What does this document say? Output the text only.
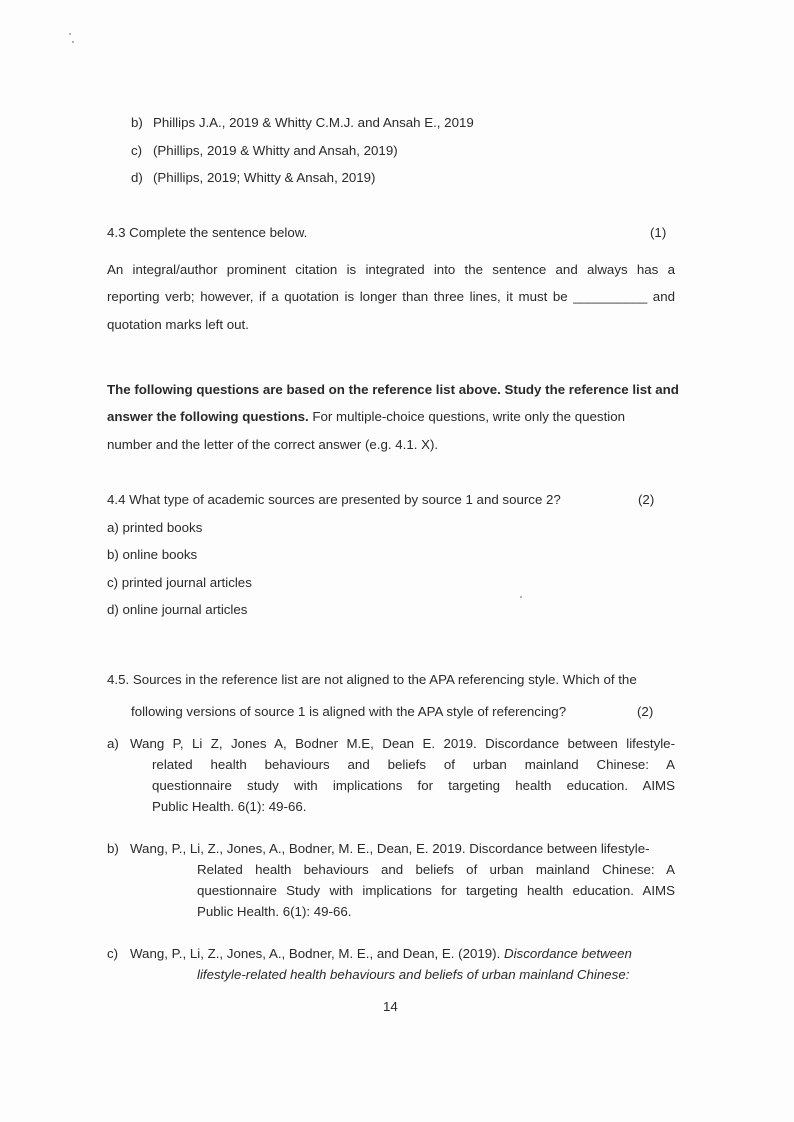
b) Phillips J.A., 2019 & Whitty C.M.J. and Ansah E., 2019
c) (Phillips, 2019 & Whitty and Ansah, 2019)
d) (Phillips, 2019; Whitty & Ansah, 2019)
4.3 Complete the sentence below.	(1)
An integral/author prominent citation is integrated into the sentence and always has a
reporting verb; however, if a quotation is longer than three lines, it must be __________ and
quotation marks left out.
The following questions are based on the reference list above. Study the reference list and
answer the following questions. For multiple-choice questions, write only the question
number and the letter of the correct answer (e.g. 4.1. X).
4.4 What type of academic sources are presented by source 1 and source 2?	(2)
a) printed books
b) online books
c) printed journal articles
d) online journal articles
4.5. Sources in the reference list are not aligned to the APA referencing style. Which of the
following versions of source 1 is aligned with the APA style of referencing?	(2)
a) Wang P, Li Z, Jones A, Bodner M.E, Dean E. 2019. Discordance between lifestyle-
related health behaviours and beliefs of urban mainland Chinese: A
questionnaire study with implications for targeting health education. AIMS
Public Health. 6(1): 49-66.
b) Wang, P., Li, Z., Jones, A., Bodner, M. E., Dean, E. 2019. Discordance between lifestyle-
Related health behaviours and beliefs of urban mainland Chinese: A
questionnaire Study with implications for targeting health education. AIMS
Public Health. 6(1): 49-66.
c) Wang, P., Li, Z., Jones, A., Bodner, M. E., and Dean, E. (2019). Discordance between
lifestyle-related health behaviours and beliefs of urban mainland Chinese:
14
